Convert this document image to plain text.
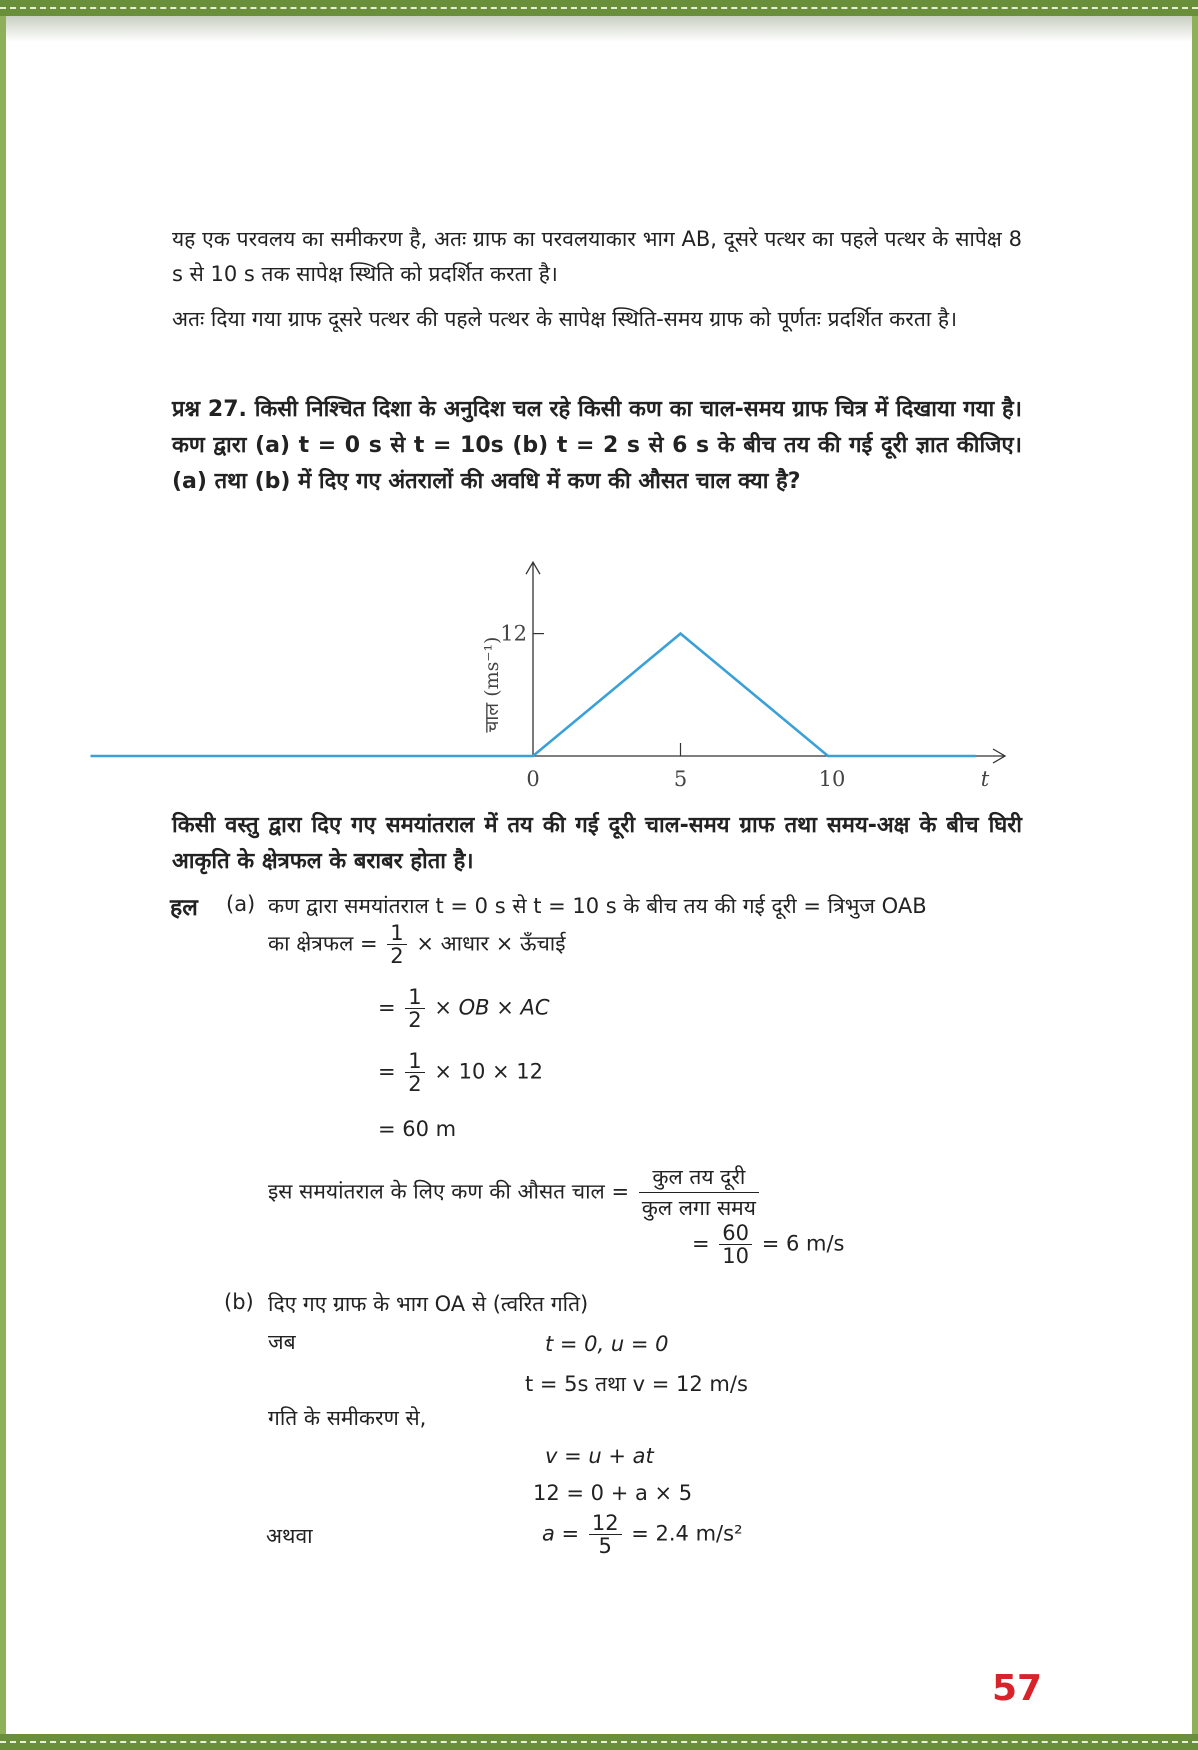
यह एक परवलय का समीकरण है, अतः ग्राफ का परवलयाकार भाग AB, दूसरे पत्थर का पहले पत्थर के सापेक्ष 8 s से 10 s तक सापेक्ष स्थिति को प्रदर्शित करता है।

अतः दिया गया ग्राफ दूसरे पत्थर की पहले पत्थर के सापेक्ष स्थिति-समय ग्राफ को पूर्णतः प्रदर्शित करता है।

प्रश्न 27. किसी निश्चित दिशा के अनुदिश चल रहे किसी कण का चाल-समय ग्राफ चित्र में दिखाया गया है। कण द्वारा (a) t = 0 s से t = 10s (b) t = 2 s से 6 s के बीच तय की गई दूरी ज्ञात कीजिए। (a) तथा (b) में दिए गए अंतरालों की अवधि में कण की औसत चाल क्या है?

12
0	5	10	t
चाल (ms⁻¹)

किसी वस्तु द्वारा दिए गए समयांतराल में तय की गई दूरी चाल-समय ग्राफ तथा समय-अक्ष के बीच घिरी आकृति के क्षेत्रफल के बराबर होता है।

हल (a) कण द्वारा समयांतराल t = 0 s से t = 10 s के बीच तय की गई दूरी = त्रिभुज OAB
का क्षेत्रफल = $\frac{1}{2}$ × आधार × ऊँचाई
= $\frac{1}{2}$ × OB × AC
= $\frac{1}{2} \times 10 \times 12$
= 60 m
इस समयांतराल के लिए कण की औसत चाल = $\frac{\text{कुल तय दूरी}}{\text{कुल लगा समय}}$
= $\frac{60}{10} = 6$ m/s
(b) दिए गए ग्राफ के भाग OA से (त्वरित गति)
जब	t = 0, u = 0
t = 5s तथा v = 12 m/s
गति के समीकरण से,
v = u + at
12 = 0 + a × 5
अथवा	$a = \frac{12}{5} = 2.4$ m/s²
57
